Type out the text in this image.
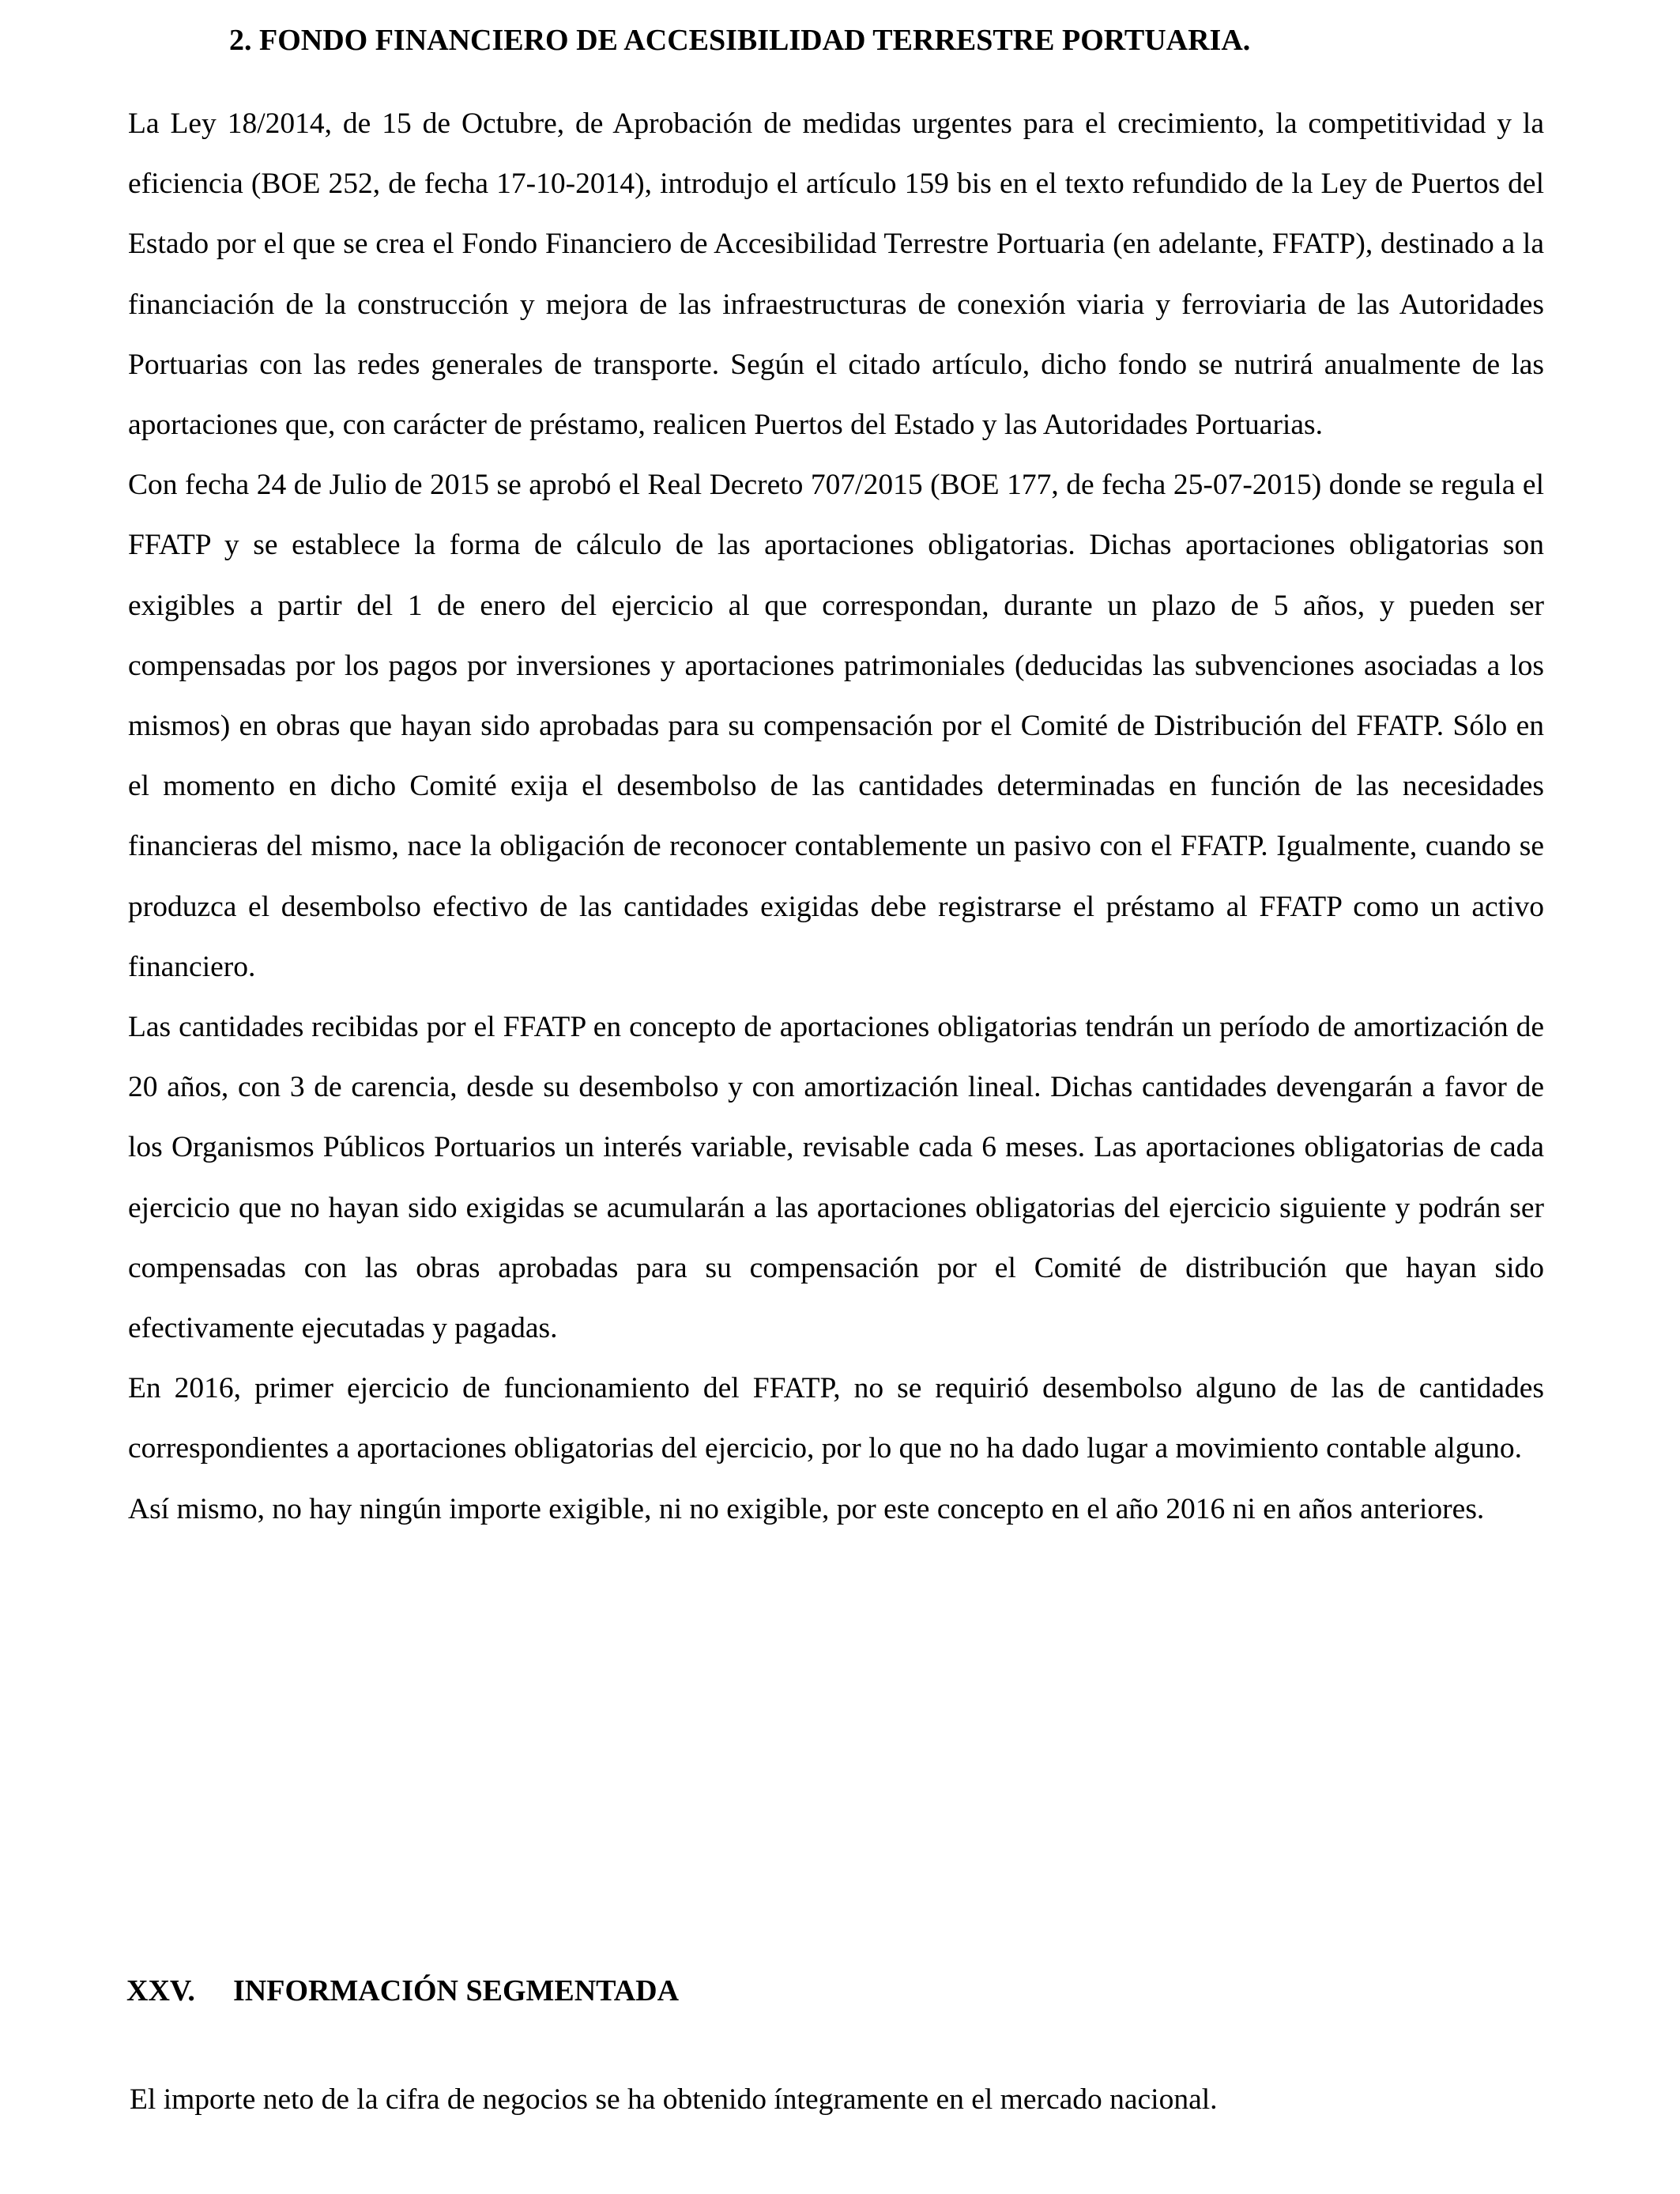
2. FONDO FINANCIERO DE ACCESIBILIDAD TERRESTRE PORTUARIA.

La Ley 18/2014, de 15 de Octubre, de Aprobación de medidas urgentes para el crecimiento, la competitividad y la eficiencia (BOE 252, de fecha 17-10-2014), introdujo el artículo 159 bis en el texto refundido de la Ley de Puertos del Estado por el que se crea el Fondo Financiero de Accesibilidad Terrestre Portuaria (en adelante, FFATP), destinado a la financiación de la construcción y mejora de las infraestructuras de conexión viaria y ferroviaria de las Autoridades Portuarias con las redes generales de transporte. Según el citado artículo, dicho fondo se nutrirá anualmente de las aportaciones que, con carácter de préstamo, realicen Puertos del Estado y las Autoridades Portuarias.

Con fecha 24 de Julio de 2015 se aprobó el Real Decreto 707/2015 (BOE 177, de fecha 25-07-2015) donde se regula el FFATP y se establece la forma de cálculo de las aportaciones obligatorias. Dichas aportaciones obligatorias son exigibles a partir del 1 de enero del ejercicio al que correspondan, durante un plazo de 5 años, y pueden ser compensadas por los pagos por inversiones y aportaciones patrimoniales (deducidas las subvenciones asociadas a los mismos) en obras que hayan sido aprobadas para su compensación por el Comité de Distribución del FFATP. Sólo en el momento en dicho Comité exija el desembolso de las cantidades determinadas en función de las necesidades financieras del mismo, nace la obligación de reconocer contablemente un pasivo con el FFATP. Igualmente, cuando se produzca el desembolso efectivo de las cantidades exigidas debe registrarse el préstamo al FFATP como un activo financiero.

Las cantidades recibidas por el FFATP en concepto de aportaciones obligatorias tendrán un período de amortización de 20 años, con 3 de carencia, desde su desembolso y con amortización lineal. Dichas cantidades devengarán a favor de los Organismos Públicos Portuarios un interés variable, revisable cada 6 meses. Las aportaciones obligatorias de cada ejercicio que no hayan sido exigidas se acumularán a las aportaciones obligatorias del ejercicio siguiente y podrán ser compensadas con las obras aprobadas para su compensación por el Comité de distribución que hayan sido efectivamente ejecutadas y pagadas.

En 2016, primer ejercicio de funcionamiento del FFATP, no se requirió desembolso alguno de las de cantidades correspondientes a aportaciones obligatorias del ejercicio, por lo que no ha dado lugar a movimiento contable alguno.

Así mismo, no hay ningún importe exigible, ni no exigible, por este concepto en el año 2016 ni en años anteriores.

XXV. INFORMACIÓN SEGMENTADA

El importe neto de la cifra de negocios se ha obtenido íntegramente en el mercado nacional.
